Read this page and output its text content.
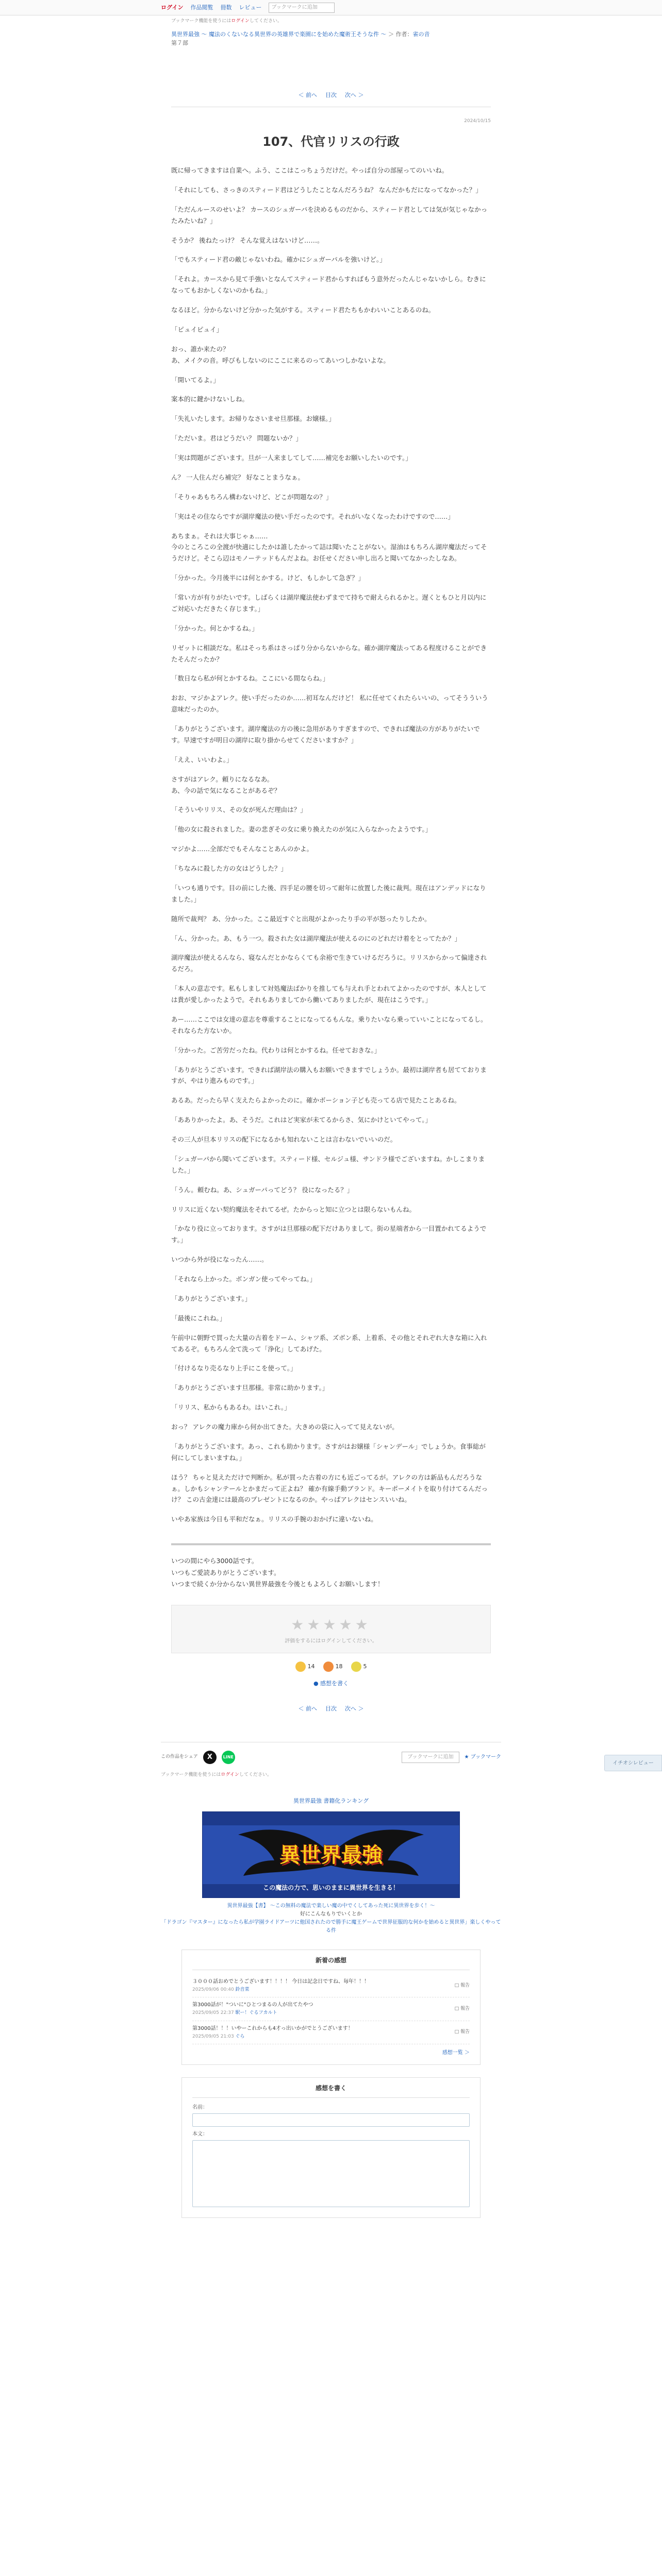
ログイン 作品閲覧 冊数 レビュー	ブックマークに追加
ブックマーク機能を使うにはログインしてください。
異世界最強 ～ 魔法のくないなる異世界の英雄界で楽園にを始めた魔術王そうな件 ～ ＞ 作者：雀の音
第７部
＜ 前へ 目次 次へ ＞
2024/10/15
107、代官リリスの行政

既に帰ってきますは自業へ。ふう、ここはこっちょうだけだ。やっぱ自分の部屋ってのいいね。

「それにしても、さっきのスティード君はどうしたことなんだろうね？ なんだかもだになってなかった？」

「ただんルースのせいよ？ カースのシュガーパを決めるものだから、スティード君としては気が気じゃなかったみたいね？」

そうか？ 後ねたっけ？ そんな覚えはないけど……。

「でもスティード君の敵じゃないわね。確かにシュガーパルを強いけど。」

「それよ。カースから見て手強いとなんてスティード君からすればもう意外だったんじゃないかしら。むきになってもおかしくないのかもね。」

なるほど。分からないけど分かった気がする。スティード君たちもかわいいことあるのね。

「ピュイピュイ」

おっ、誰か来たの？
あ、メイクの音。呼びもしないのにここに来るのってあいつしかないよな。

「開いてるよ。」

案本的に鍵かけないしね。

「失礼いたします。お帰りなさいませ旦那様。お嬢様。」

「ただいま。君はどうだい？ 問題ないか？」

「実は問題がございます。旦が一人来ましてして……補完をお願いしたいのです。」

ん？ 一人住んだら補完？ 好なことまうなぁ。

「そりゃあもちろん構わないけど、どこが問題なの？」

「実はその住ならですが湖岸魔法の使い手だったのです。それがいなくなったわけですので……」

あちまぁ。それは大事じゃぁ……
今のところこの全渡が快適にしたかは誰したかって詰は聞いたことがない。湿油はもちろん湖岸魔法だってそうだけど。そこら辺はモノーテッドもんだよね。お任せください申し出ろと聞いてなかったしなあ。

「分かった。今月後半には何とかする。けど、もしかして急ぎ？」

「常い方が有りがたいです。しばらくは湖岸魔法使わずまでて持ちで耐えられるかと。遅くともひと月以内にご対応いただきたく存じます。」

「分かった。何とかするね。」

リゼットに相談だな。私はそっち系はさっぱり分からないからな。確か湖岸魔法ってある程度けることができたそんだったか？

「数日なら私が何とかするね。ここにいる間ならね。」

おお、マジかよアレク。使い手だったのか……初耳なんだけど！ 私に任せてくれたらいいの、ってそうういう意味だったのか。

「ありがとうございます。湖岸魔法の方の後に急用がありすぎますので、できれば魔法の方がありがたいです。早速ですが明日の湖岸に取り掛からせてくださいますか？」

「ええ、いいわよ。」

さすがはアレク。頼りになるなあ。
あ、今の話で気になることがあるぞ？

「そういやリリス、その女が死んだ理由は？」

「他の女に殺されました。妻の悲ぎその女に乗り換えたのが気に入らなかったようです。」

マジかよ……全部だでもそんなことあんのかよ。

「ちなみに殺した方の女はどうした？」

「いつも通りです。目の前にした後、四手足の腰を切って耐年に放置した後に裁判。現在はアンデッドになりました。」

随所で裁判？ あ、分かった。ここ最近すぐと出現がよかったり手の平が怒ったりしたか。

「ん、分かった。あ、もう一つ。殺された女は湖岸魔法が使えるのにのどれだけ着をとってたか？」

湖岸魔法が使えるんなら、寝なんだとかならくても余裕で生きていけるだろうに。リリスからかって偏達されるだろ。

「本人の意志です。私もしまして対処魔法ばかりを推しても与えれ手とわれてよかったのですが、本人としては貴が愛しかったようで。それもありましてから働いてありましたが、現在はこうです。」

あー……ここでは女達の意志を尊重することになってるもんな。乗りたいなら乗っていいことになってるし。それならた方ないか。

「分かった。ご苦労だったね。代わりは何とかするね。任せておきな。」

「ありがとうございます。できれば湖岸法の購入もお願いできますでしょうか。最初は湖岸者も居てておりますが、やはり進みものです。」

あるあ。だったら早く支えたらよかったのに。確かボーション子ども売ってる店で見たことあるね。

「あありかったよ。あ、そうだ。これはど実家が未てるからさ、気にかけといてやって。」

その三人が旦本リリスの配下になるかも知れないことは言わないでいいのだ。

「シュガーパから聞いてございます。スティード様、セルジュ様、サンドラ様でございますね。かしこまりました。」

「うん。頼むね。あ、シュガーパってどう？ 役になったる？」

リリスに近くない契約魔法をそれてるぜ。たからっと知に立つとは限らないもんね。

「かなり役に立っております。さすがは旦那様の配下だけありまして。街の星端者から一目置かれてるようです。」

いつから外が役になったん……。

「それなら上かった。ボンガン使ってやってね。」

「ありがとうございます。」

「最後にこれね。」

午前中に朝野で買った大量の古着をドーム、シャツ系、ズボン系、上着系、その他とそれぞれ大きな箱に入れてあるぞ。もちろん全て洗って「浄化」してあげた。

「付けるなり売るなり上手にこを使って。」

「ありがとうございます旦那様。非常に助かります。」

「リリス、私からもあるわ。はいこれ。」

おっ？ アレクの魔力庫から何か出てきた。大きめの袋に入ってて見えないが。

「ありがとうございます。あっ、これも助かります。さすがはお嬢様「シャンデール」でしょうか。食事総が何にしてしまいますね。」

ほう？ ちゃと見えただけで判断か。私が買った古着の方にも近ごってるが。アレクの方は新品もんだろうなぁ。しかもシャンテールとかまだって正よね？ 確か有線手動ブランド。キーポーメイトを取り付けてるんだっけ？ この古金達には最高のプレゼントになるのか。やっぱアレクはセンスいいね。

いやあ家族は今日も平和だなぁ。リリスの手腕のおかげに違いないね。

いつの間にやら3000話です。

いつもご愛読ありがとうございます。

いつまで続くか分からない異世界最強を今後ともよろしくお願いします！

★★★★★
評価をするにはログインしてください。
14	18	5
● 感想を書く
＜ 前へ 目次 次へ ＞
イチオシレビュー
この作品をシェア	X	LINE	ブックマークに追加	★ ブックマーク
ブックマーク機能を使うにはログインしてください。
異世界最強 書籍化ランキング
異世界最強
この魔法の力で、思いのままに異世界を生きる！
異世界最強【書】 ～この無料の魔法で楽しい魔の中でくしてあった死に異世界を歩く！～
好にこんなもりでいくとか
「ドラゴン『マスター』になったら私が学園ライドアーツに他国されたので勝手に魔王ゲームで世界征服的な何かを始めると異世界」楽しくやってる件
新着の感想
３０００話おめでとうございます！！！！ 今日は記念日ですね、毎年！！！
2025/09/06 00:40 鈴音菜
□ 報告
第3000話が！"ついに"ひとつまるの人が出てたやつ
2025/09/05 22:37 駅ー！ぐるフカルト
□ 報告
第3000話！！！いやーこれからも4才っ出いかがでとうございます！
2025/09/05 21:03 ぐら
□ 報告
感想一覧 ＞
感想を書く
名前：
本文：
